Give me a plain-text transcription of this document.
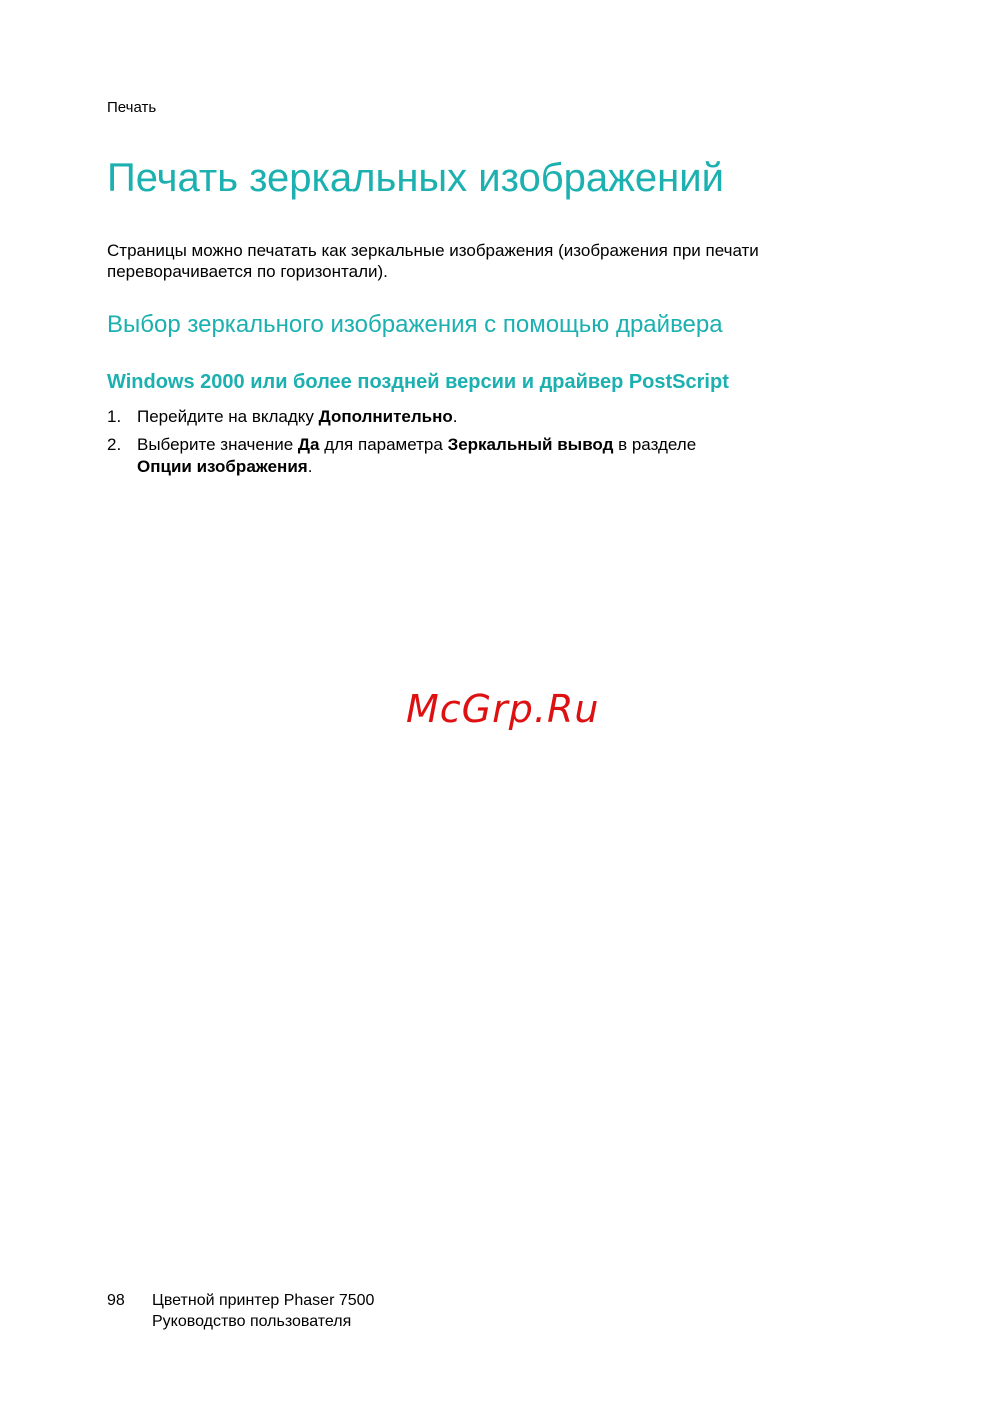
Печать
Печать зеркальных изображений

Страницы можно печатать как зеркальные изображения (изображения при печати переворачивается по горизонтали).

Выбор зеркального изображения с помощью драйвера
Windows 2000 или более поздней версии и драйвер PostScript
1. Перейдите на вкладку Дополнительно.
2. Выберите значение Да для параметра Зеркальный вывод в разделе
Опции изображения.
McGrp.Ru
98 Цветной принтер Phaser 7500
Руководство пользователя
